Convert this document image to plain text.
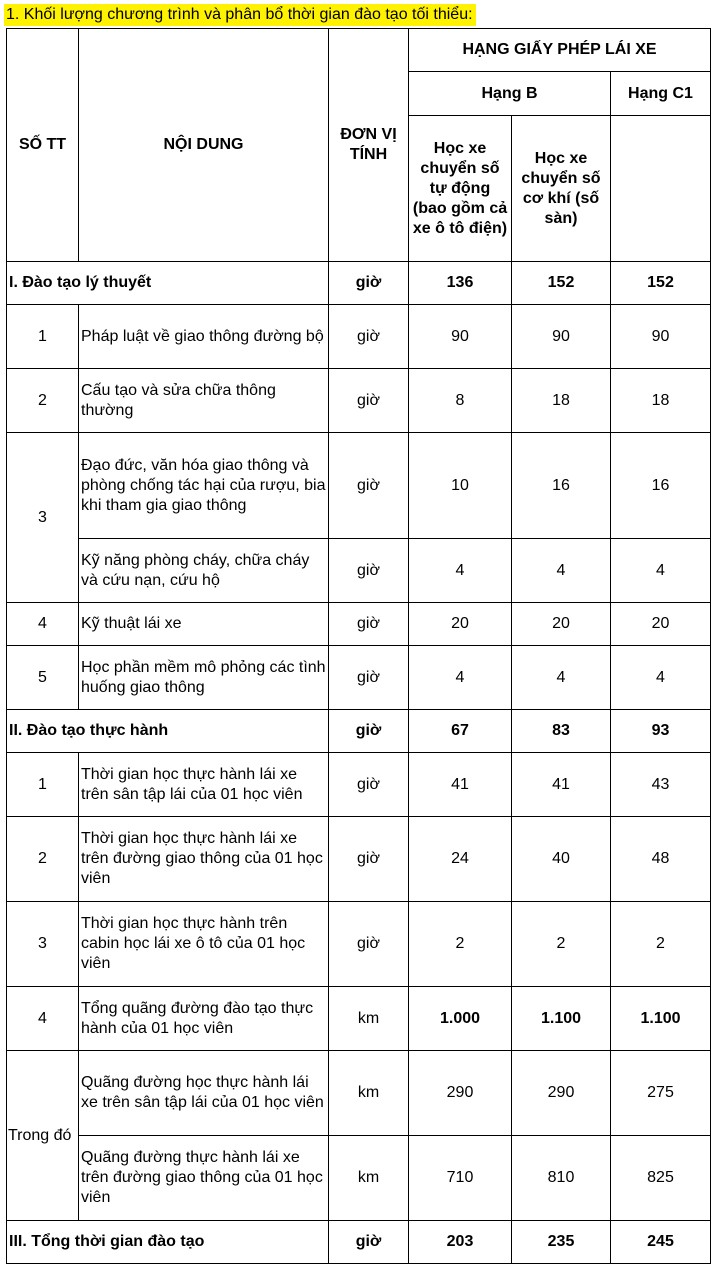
1. Khối lượng chương trình và phân bổ thời gian đào tạo tối thiểu:
SỐ TT	NỘI DUNG	ĐƠN VỊ TÍNH	HẠNG GIẤY PHÉP LÁI XE		
			Hạng B		Hạng C1
			Học xe chuyển số tự động (bao gồm cả xe ô tô điện)	Học xe chuyển số cơ khí (số sàn)	
I. Đào tạo lý thuyết		giờ	136	152	152
1	Pháp luật về giao thông đường bộ	giờ	90	90	90
2	Cấu tạo và sửa chữa thông thường	giờ	8	18	18
3	Đạo đức, văn hóa giao thông và phòng chống tác hại của rượu, bia khi tham gia giao thông	giờ	10	16	16
	Kỹ năng phòng cháy, chữa cháy và cứu nạn, cứu hộ	giờ	4	4	4
4	Kỹ thuật lái xe	giờ	20	20	20
5	Học phần mềm mô phỏng các tình huống giao thông	giờ	4	4	4
II. Đào tạo thực hành		giờ	67	83	93
1	Thời gian học thực hành lái xe trên sân tập lái của 01 học viên	giờ	41	41	43
2	Thời gian học thực hành lái xe trên đường giao thông của 01 học viên	giờ	24	40	48
3	Thời gian học thực hành trên cabin học lái xe ô tô của 01 học viên	giờ	2	2	2
4	Tổng quãng đường đào tạo thực hành của 01 học viên	km	1.000	1.100	1.100
Trong đó	Quãng đường học thực hành lái xe trên sân tập lái của 01 học viên	km	290	290	275
	Quãng đường thực hành lái xe trên đường giao thông của 01 học viên	km	710	810	825
III. Tổng thời gian đào tạo		giờ	203	235	245
